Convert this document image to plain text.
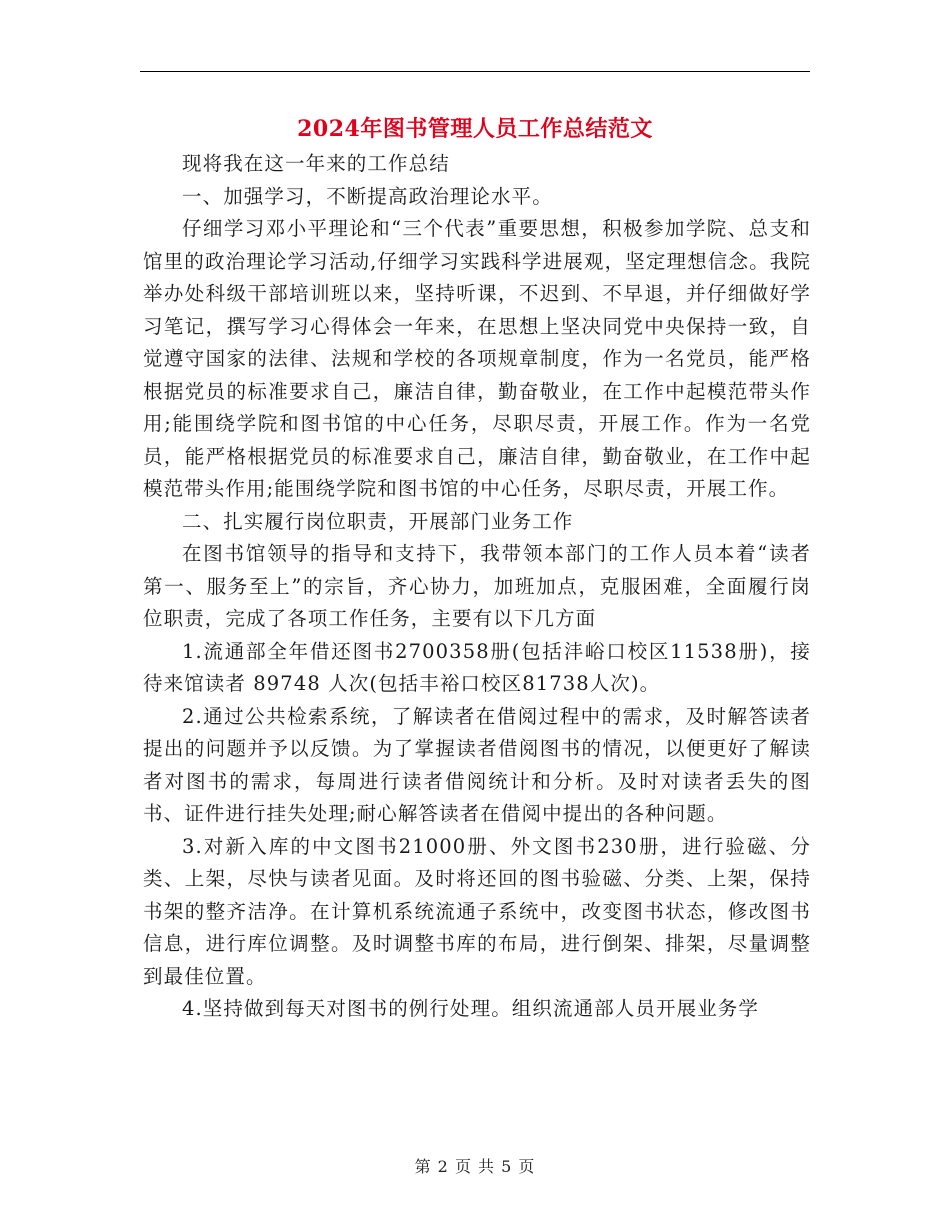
2024年图书管理人员工作总结范文

现将我在这一年来的工作总结

一、加强学习，不断提高政治理论水平。

仔细学习邓小平理论和“三个代表”重要思想，积极参加学院、总支和馆里的政治理论学习活动,仔细学习实践科学进展观，坚定理想信念。我院举办处科级干部培训班以来，坚持听课，不迟到、不早退，并仔细做好学习笔记，撰写学习心得体会一年来，在思想上坚决同党中央保持一致，自觉遵守国家的法律、法规和学校的各项规章制度，作为一名党员，能严格根据党员的标准要求自己，廉洁自律，勤奋敬业，在工作中起模范带头作用;能围绕学院和图书馆的中心任务，尽职尽责，开展工作。作为一名党员，能严格根据党员的标准要求自己，廉洁自律，勤奋敬业，在工作中起模范带头作用;能围绕学院和图书馆的中心任务，尽职尽责，开展工作。

二、扎实履行岗位职责，开展部门业务工作

在图书馆领导的指导和支持下，我带领本部门的工作人员本着“读者第一、服务至上”的宗旨，齐心协力，加班加点，克服困难，全面履行岗位职责，完成了各项工作任务，主要有以下几方面

1.流通部全年借还图书2700358册(包括沣峪口校区11538册)，接待来馆读者 89748 人次(包括丰裕口校区81738人次)。

2.通过公共检索系统，了解读者在借阅过程中的需求，及时解答读者提出的问题并予以反馈。为了掌握读者借阅图书的情况，以便更好了解读者对图书的需求，每周进行读者借阅统计和分析。及时对读者丢失的图书、证件进行挂失处理;耐心解答读者在借阅中提出的各种问题。

3.对新入库的中文图书21000册、外文图书230册，进行验磁、分类、上架，尽快与读者见面。及时将还回的图书验磁、分类、上架，保持书架的整齐洁净。在计算机系统流通子系统中，改变图书状态，修改图书信息，进行库位调整。及时调整书库的布局，进行倒架、排架，尽量调整到最佳位置。

4.坚持做到每天对图书的例行处理。组织流通部人员开展业务学

第 2 页 共 5 页
